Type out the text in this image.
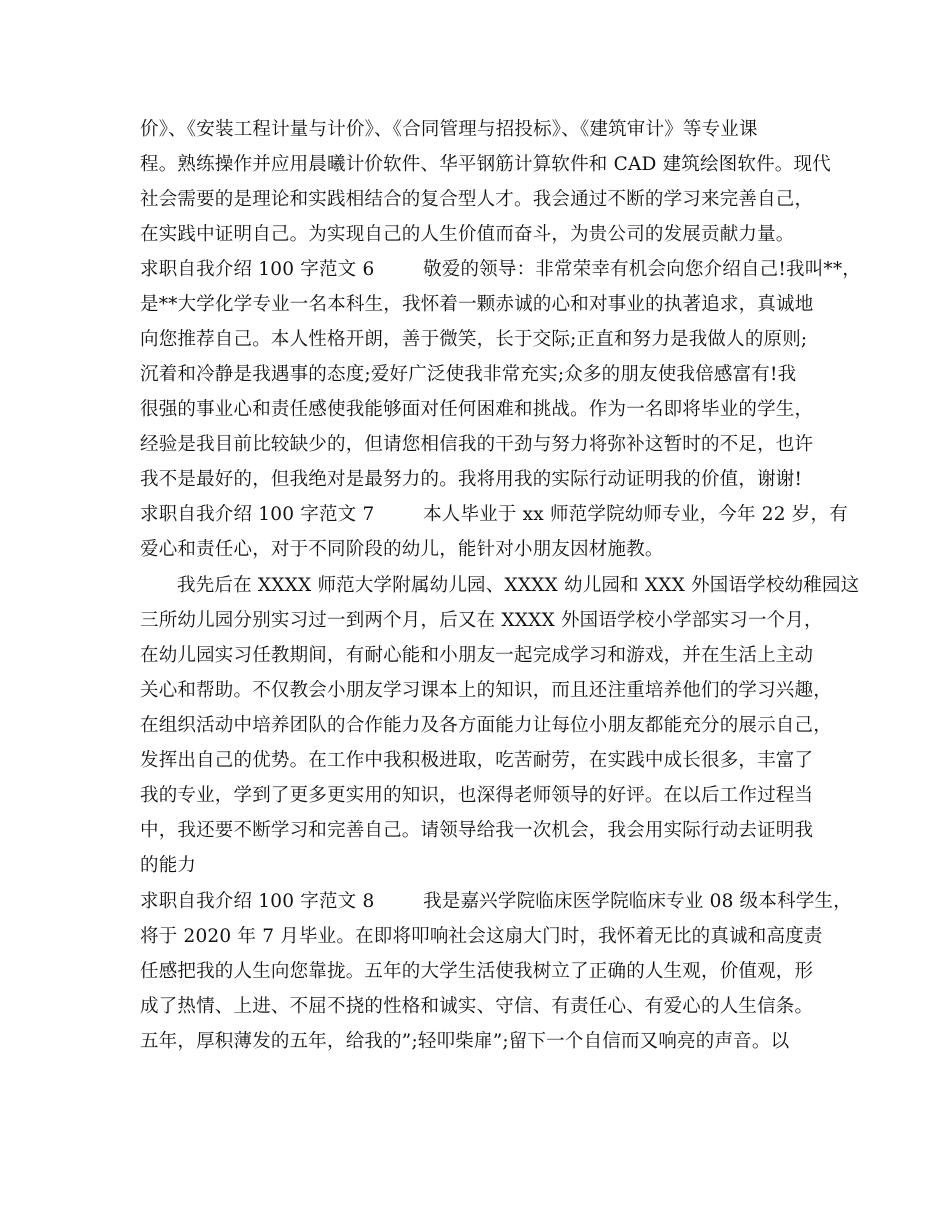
价》、《安装工程计量与计价》、《合同管理与招投标》、《建筑审计》等专业课
程。熟练操作并应用晨曦计价软件、华平钢筋计算软件和 CAD 建筑绘图软件。现代
社会需要的是理论和实践相结合的复合型人才。我会通过不断的学习来完善自己，
在实践中证明自己。为实现自己的人生价值而奋斗，为贵公司的发展贡献力量。
求职自我介绍 100 字范文 6        敬爱的领导：非常荣幸有机会向您介绍自己!我叫**，
是**大学化学专业一名本科生，我怀着一颗赤诚的心和对事业的执著追求，真诚地
向您推荐自己。本人性格开朗，善于微笑，长于交际;正直和努力是我做人的原则;
沉着和冷静是我遇事的态度;爱好广泛使我非常充实;众多的朋友使我倍感富有!我
很强的事业心和责任感使我能够面对任何困难和挑战。作为一名即将毕业的学生，
经验是我目前比较缺少的，但请您相信我的干劲与努力将弥补这暂时的不足，也许
我不是最好的，但我绝对是最努力的。我将用我的实际行动证明我的价值，谢谢!
求职自我介绍 100 字范文 7        本人毕业于 xx 师范学院幼师专业，今年 22 岁，有
爱心和责任心，对于不同阶段的幼儿，能针对小朋友因材施教。
我先后在 XXXX 师范大学附属幼儿园、XXXX 幼儿园和 XXX 外国语学校幼稚园这
三所幼儿园分别实习过一到两个月，后又在 XXXX 外国语学校小学部实习一个月，
在幼儿园实习任教期间，有耐心能和小朋友一起完成学习和游戏，并在生活上主动
关心和帮助。不仅教会小朋友学习课本上的知识，而且还注重培养他们的学习兴趣，
在组织活动中培养团队的合作能力及各方面能力让每位小朋友都能充分的展示自己，
发挥出自己的优势。在工作中我积极进取，吃苦耐劳，在实践中成长很多，丰富了
我的专业，学到了更多更实用的知识，也深得老师领导的好评。在以后工作过程当
中，我还要不断学习和完善自己。请领导给我一次机会，我会用实际行动去证明我
的能力
求职自我介绍 100 字范文 8        我是嘉兴学院临床医学院临床专业 08 级本科学生，
将于 2020 年 7 月毕业。在即将叩响社会这扇大门时，我怀着无比的真诚和高度责
任感把我的人生向您靠拢。五年的大学生活使我树立了正确的人生观，价值观，形
成了热情、上进、不屈不挠的性格和诚实、守信、有责任心、有爱心的人生信条。
五年，厚积薄发的五年，给我的”;轻叩柴扉”;留下一个自信而又响亮的声音。以
